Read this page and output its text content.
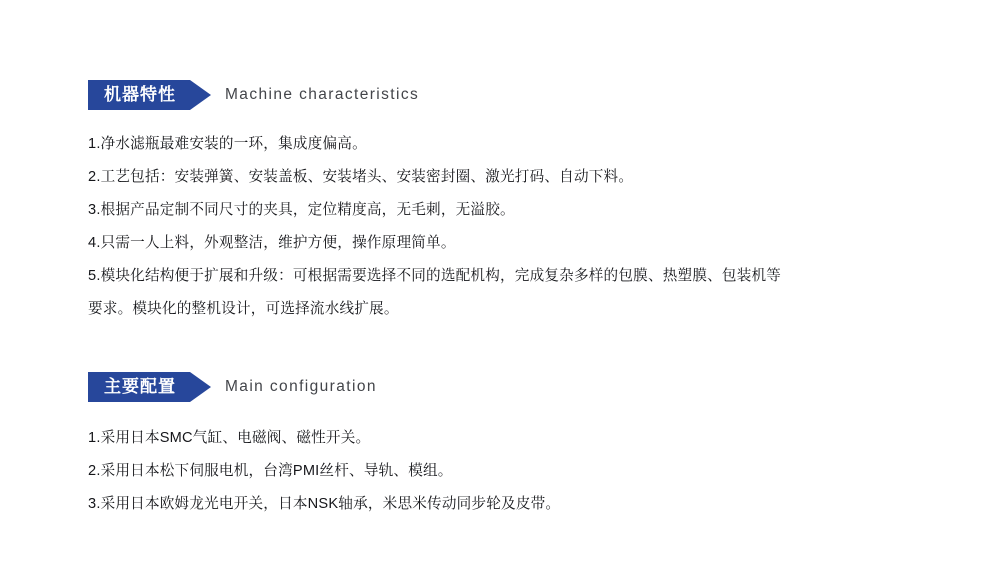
机器特性	Machine characteristics
1.净水滤瓶最难安装的一环，集成度偏高。
2.工艺包括：安装弹簧、安装盖板、安装堵头、安装密封圈、激光打码、自动下料。
3.根据产品定制不同尺寸的夹具，定位精度高，无毛刺，无溢胶。
4.只需一人上料，外观整洁，维护方便，操作原理简单。
5.模块化结构便于扩展和升级：可根据需要选择不同的选配机构，完成复杂多样的包膜、热塑膜、包装机等
要求。模块化的整机设计，可选择流水线扩展。
主要配置	Main configuration
1.采用日本SMC气缸、电磁阀、磁性开关。
2.采用日本松下伺服电机，台湾PMI丝杆、导轨、模组。
3.采用日本欧姆龙光电开关，日本NSK轴承，米思米传动同步轮及皮带。
